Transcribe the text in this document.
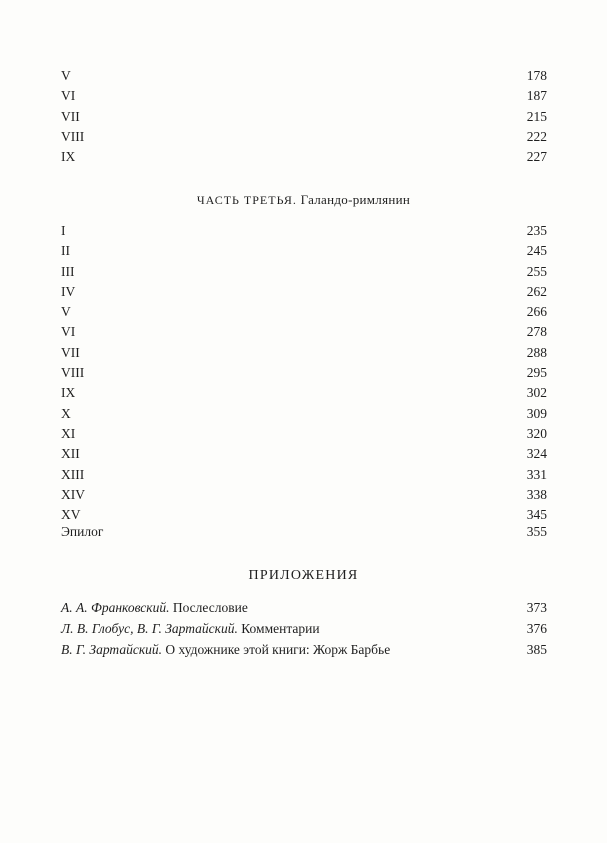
V	178
VI	187
VII	215
VIII	222
IX	227
ЧАСТЬ ТРЕТЬЯ. Галандо-римлянин
I	235
II	245
III	255
IV	262
V	266
VI	278
VII	288
VIII	295
IX	302
X	309
XI	320
XII	324
XIII	331
XIV	338
XV	345
Эпилог	355
ПРИЛОЖЕНИЯ
А. А. Франковский. Послесловие	373
Л. В. Глобус, В. Г. Зартайский. Комментарии	376
В. Г. Зартайский. О художнике этой книги: Жорж Барбье	385
